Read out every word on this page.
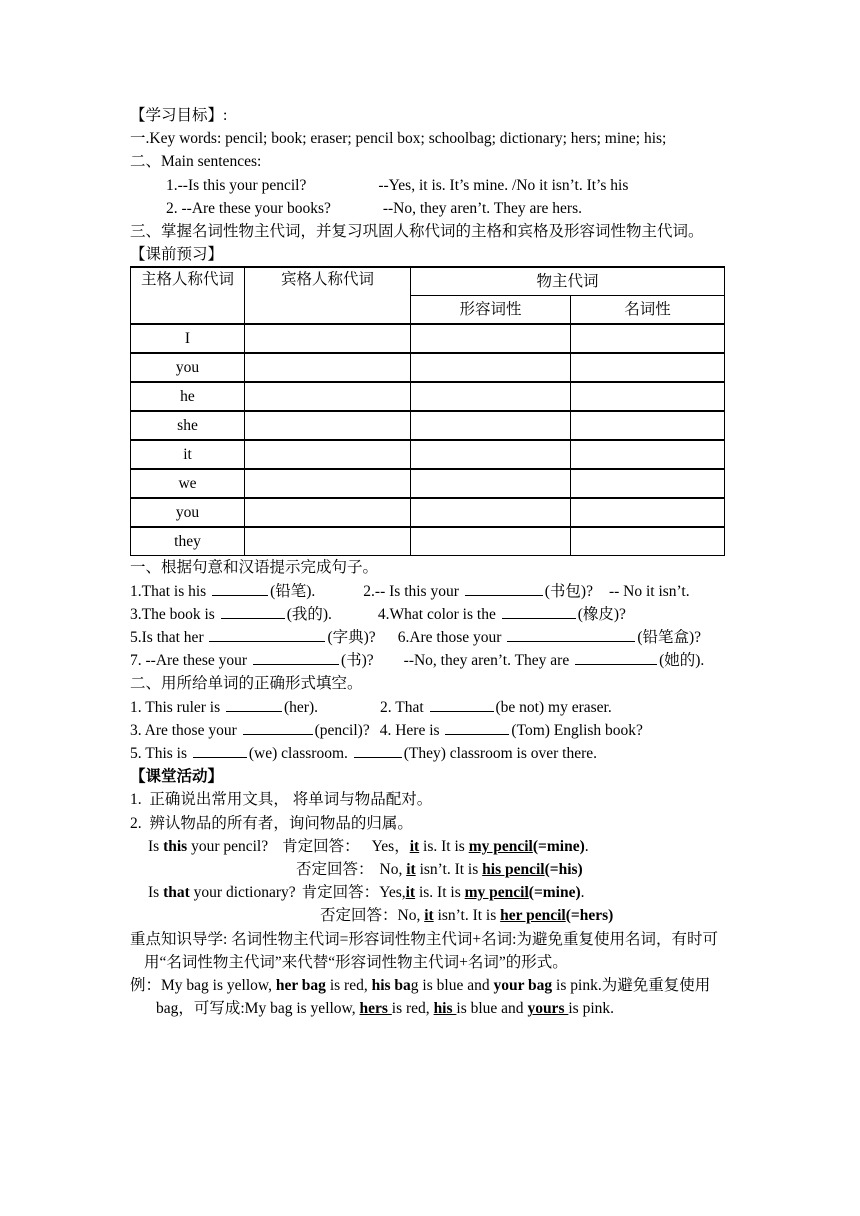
【学习目标】:
一.Key words: pencil; book; eraser; pencil box; schoolbag; dictionary; hers; mine; his;
二、Main sentences:
1.--Is this your pencil?	--Yes, it is. It’s mine. /No it isn’t. It’s his
2. --Are these your books?	--No, they aren’t. They are hers.
三、掌握名词性物主代词，并复习巩固人称代词的主格和宾格及形容词性物主代词。
【课前预习】
主格人称代词	宾格人称代词	物主代词	
		形容词性	名词性
I			
you			
he			
she			
it			
we			
you			
they			
一、根据句意和汉语提示完成句子。
1.That is his	(铅笔).	2.-- Is this your	(书包)? -- No it isn’t.
3.The book is	(我的).	4.What color is the	(橡皮)?
5.Is that her	(字典)? 6.Are those your	(铅笔盒)?
7. --Are these your	(书)? --No, they aren’t. They are	(她的).
二、用所给单词的正确形式填空。
1. This ruler is	(her).	2. That	(be not) my eraser.
3. Are those your	(pencil)? 4. Here is	(Tom) English book?
5. This is	(we) classroom.	(They) classroom is over there.
【课堂活动】
1.  正确说出常用文具， 将单词与物品配对。
2.  辨认物品的所有者，询问物品的归属。
Is this your pencil? 肯定回答： Yes，it is. It is my pencil(=mine).
否定回答： No, it isn’t. It is his pencil(=his)
Is that your dictionary? 肯定回答：Yes,it is. It is my pencil(=mine).
否定回答：No, it isn’t. It is her pencil(=hers)
重点知识导学: 名词性物主代词=形容词性物主代词+名词:为避免重复使用名词，有时可用“名词性物主代词”来代替“形容词性物主代词+名词”的形式。
例：My bag is yellow, her bag is red, his bag is blue and your bag is pink.为避免重复使用 bag，可写成:My bag is yellow, hers is red, his is blue and yours is pink.
